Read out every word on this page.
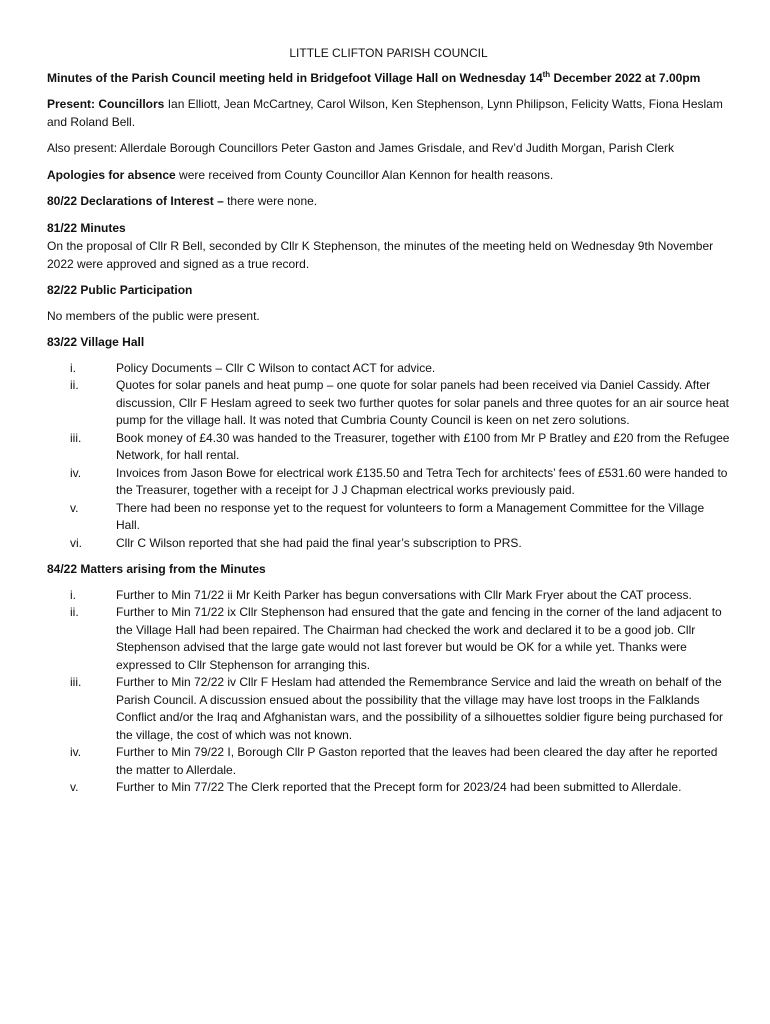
LITTLE CLIFTON PARISH COUNCIL

Minutes of the Parish Council meeting held in Bridgefoot Village Hall on Wednesday 14th December 2022 at 7.00pm

Present: Councillors Ian Elliott, Jean McCartney, Carol Wilson, Ken Stephenson, Lynn Philipson, Felicity Watts, Fiona Heslam and Roland Bell.

Also present: Allerdale Borough Councillors Peter Gaston and James Grisdale, and Rev’d Judith Morgan, Parish Clerk

Apologies for absence were received from County Councillor Alan Kennon for health reasons.

80/22 Declarations of Interest – there were none.

81/22 Minutes

On the proposal of Cllr R Bell, seconded by Cllr K Stephenson, the minutes of the meeting held on Wednesday 9th November 2022 were approved and signed as a true record.

82/22 Public Participation

No members of the public were present.

83/22 Village Hall
i.	Policy Documents – Cllr C Wilson to contact ACT for advice.
ii.	Quotes for solar panels and heat pump – one quote for solar panels had been received via Daniel Cassidy. After discussion, Cllr F Heslam agreed to seek two further quotes for solar panels and three quotes for an air source heat pump for the village hall. It was noted that Cumbria County Council is keen on net zero solutions.
iii.	Book money of £4.30 was handed to the Treasurer, together with £100 from Mr P Bratley and £20 from the Refugee Network, for hall rental.
iv.	Invoices from Jason Bowe for electrical work £135.50 and Tetra Tech for architects’ fees of £531.60 were handed to the Treasurer, together with a receipt for J J Chapman electrical works previously paid.
v.	There had been no response yet to the request for volunteers to form a Management Committee for the Village Hall.
vi.	Cllr C Wilson reported that she had paid the final year’s subscription to PRS.
84/22 Matters arising from the Minutes
i.	Further to Min 71/22 ii Mr Keith Parker has begun conversations with Cllr Mark Fryer about the CAT process.
ii.	Further to Min 71/22 ix Cllr Stephenson had ensured that the gate and fencing in the corner of the land adjacent to the Village Hall had been repaired. The Chairman had checked the work and declared it to be a good job. Cllr Stephenson advised that the large gate would not last forever but would be OK for a while yet. Thanks were expressed to Cllr Stephenson for arranging this.
iii.	Further to Min 72/22 iv Cllr F Heslam had attended the Remembrance Service and laid the wreath on behalf of the Parish Council. A discussion ensued about the possibility that the village may have lost troops in the Falklands Conflict and/or the Iraq and Afghanistan wars, and the possibility of a silhouettes soldier figure being purchased for the village, the cost of which was not known.
iv.	Further to Min 79/22 I, Borough Cllr P Gaston reported that the leaves had been cleared the day after he reported the matter to Allerdale.
v.	Further to Min 77/22 The Clerk reported that the Precept form for 2023/24 had been submitted to Allerdale.
